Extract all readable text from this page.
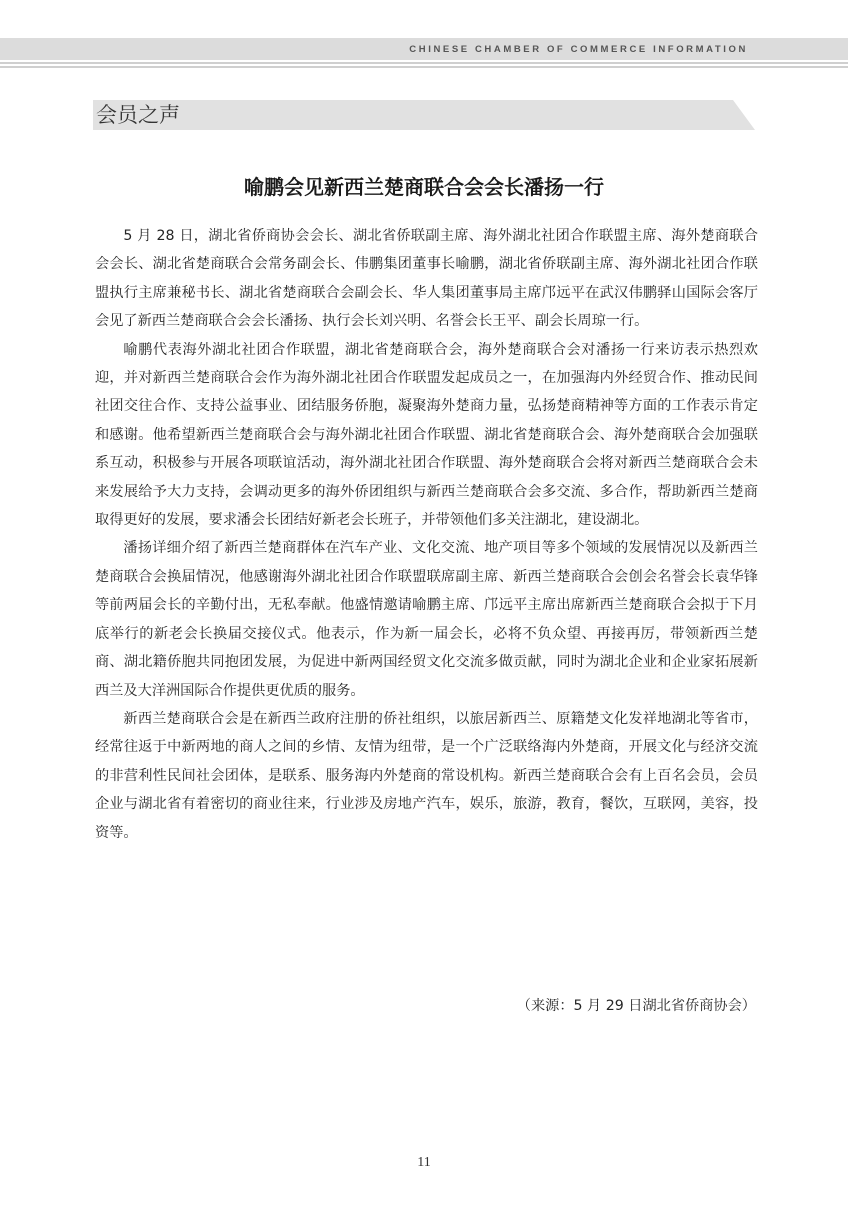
CHINESE CHAMBER OF COMMERCE INFORMATION
会员之声
喻鹏会见新西兰楚商联合会会长潘扬一行

5 月 28 日，湖北省侨商协会会长、湖北省侨联副主席、海外湖北社团合作联盟主席、海外楚商联合会会长、湖北省楚商联合会常务副会长、伟鹏集团董事长喻鹏，湖北省侨联副主席、海外湖北社团合作联盟执行主席兼秘书长、湖北省楚商联合会副会长、华人集团董事局主席邝远平在武汉伟鹏驿山国际会客厅会见了新西兰楚商联合会会长潘扬、执行会长刘兴明、名誉会长王平、副会长周琼一行。

喻鹏代表海外湖北社团合作联盟，湖北省楚商联合会，海外楚商联合会对潘扬一行来访表示热烈欢迎，并对新西兰楚商联合会作为海外湖北社团合作联盟发起成员之一，在加强海内外经贸合作、推动民间社团交往合作、支持公益事业、团结服务侨胞，凝聚海外楚商力量，弘扬楚商精神等方面的工作表示肯定和感谢。他希望新西兰楚商联合会与海外湖北社团合作联盟、湖北省楚商联合会、海外楚商联合会加强联系互动，积极参与开展各项联谊活动，海外湖北社团合作联盟、海外楚商联合会将对新西兰楚商联合会未来发展给予大力支持，会调动更多的海外侨团组织与新西兰楚商联合会多交流、多合作，帮助新西兰楚商取得更好的发展，要求潘会长团结好新老会长班子，并带领他们多关注湖北，建设湖北。

潘扬详细介绍了新西兰楚商群体在汽车产业、文化交流、地产项目等多个领域的发展情况以及新西兰楚商联合会换届情况，他感谢海外湖北社团合作联盟联席副主席、新西兰楚商联合会创会名誉会长袁华锋等前两届会长的辛勤付出，无私奉献。他盛情邀请喻鹏主席、邝远平主席出席新西兰楚商联合会拟于下月底举行的新老会长换届交接仪式。他表示，作为新一届会长，必将不负众望、再接再厉，带领新西兰楚商、湖北籍侨胞共同抱团发展，为促进中新两国经贸文化交流多做贡献，同时为湖北企业和企业家拓展新西兰及大洋洲国际合作提供更优质的服务。

新西兰楚商联合会是在新西兰政府注册的侨社组织，以旅居新西兰、原籍楚文化发祥地湖北等省市，经常往返于中新两地的商人之间的乡情、友情为纽带，是一个广泛联络海内外楚商，开展文化与经济交流的非营利性民间社会团体，是联系、服务海内外楚商的常设机构。新西兰楚商联合会有上百名会员，会员企业与湖北省有着密切的商业往来，行业涉及房地产汽车，娱乐，旅游，教育，餐饮，互联网，美容，投资等。

（来源：5 月 29 日湖北省侨商协会）
11
